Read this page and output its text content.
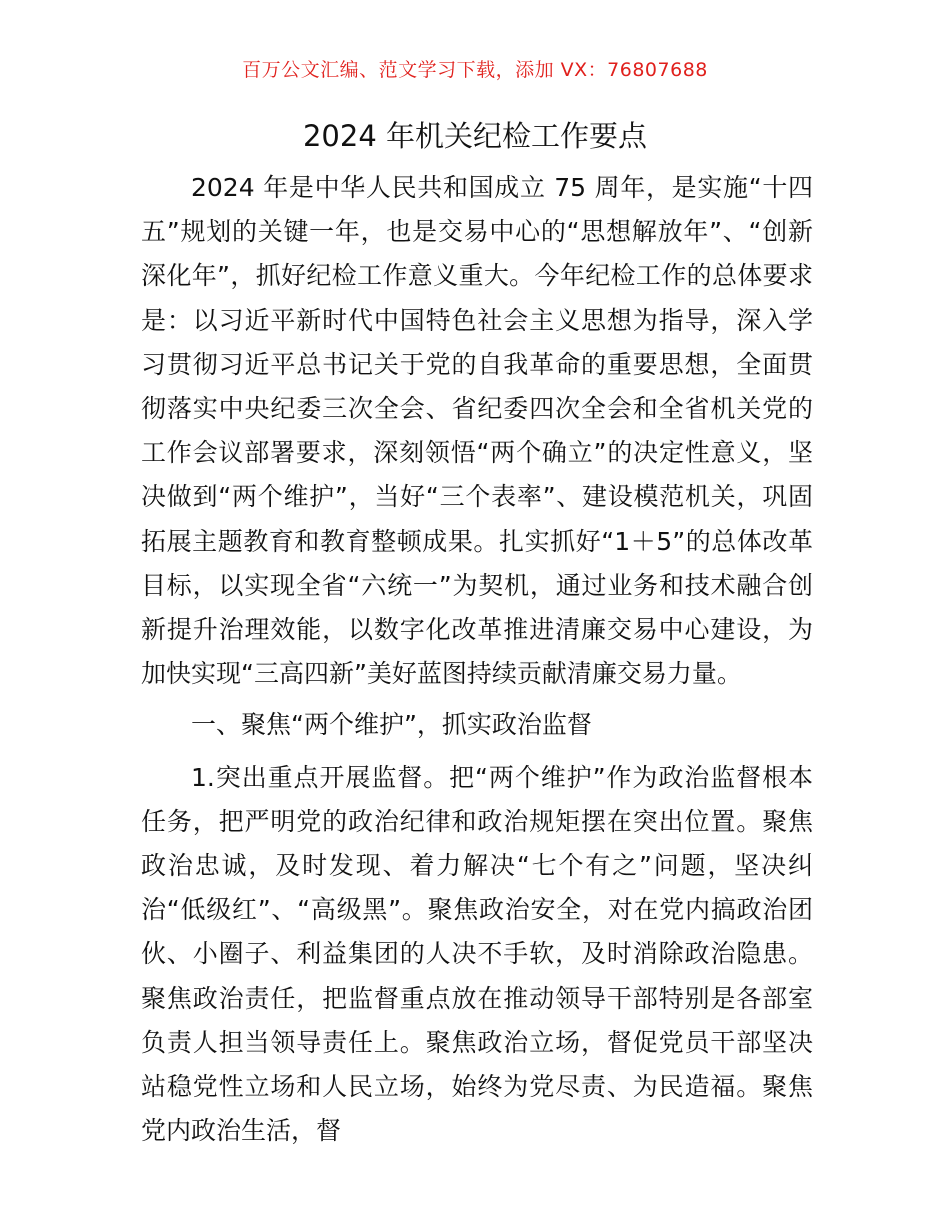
百万公文汇编、范文学习下载，添加 VX：76807688
2024 年机关纪检工作要点

2024 年是中华人民共和国成立 75 周年，是实施“十四五”规划的关键一年，也是交易中心的“思想解放年”、“创新深化年”，抓好纪检工作意义重大。今年纪检工作的总体要求是：以习近平新时代中国特色社会主义思想为指导，深入学习贯彻习近平总书记关于党的自我革命的重要思想，全面贯彻落实中央纪委三次全会、省纪委四次全会和全省机关党的工作会议部署要求，深刻领悟“两个确立”的决定性意义，坚决做到“两个维护”，当好“三个表率”、建设模范机关，巩固拓展主题教育和教育整顿成果。扎实抓好“1＋5”的总体改革目标，以实现全省“六统一”为契机，通过业务和技术融合创新提升治理效能，以数字化改革推进清廉交易中心建设，为加快实现“三高四新”美好蓝图持续贡献清廉交易力量。

一、聚焦“两个维护”，抓实政治监督

1.突出重点开展监督。把“两个维护”作为政治监督根本任务，把严明党的政治纪律和政治规矩摆在突出位置。聚焦政治忠诚，及时发现、着力解决“七个有之”问题，坚决纠治“低级红”、“高级黑”。聚焦政治安全，对在党内搞政治团伙、小圈子、利益集团的人决不手软，及时消除政治隐患。聚焦政治责任，把监督重点放在推动领导干部特别是各部室负责人担当领导责任上。聚焦政治立场，督促党员干部坚决站稳党性立场和人民立场，始终为党尽责、为民造福。聚焦党内政治生活，督
